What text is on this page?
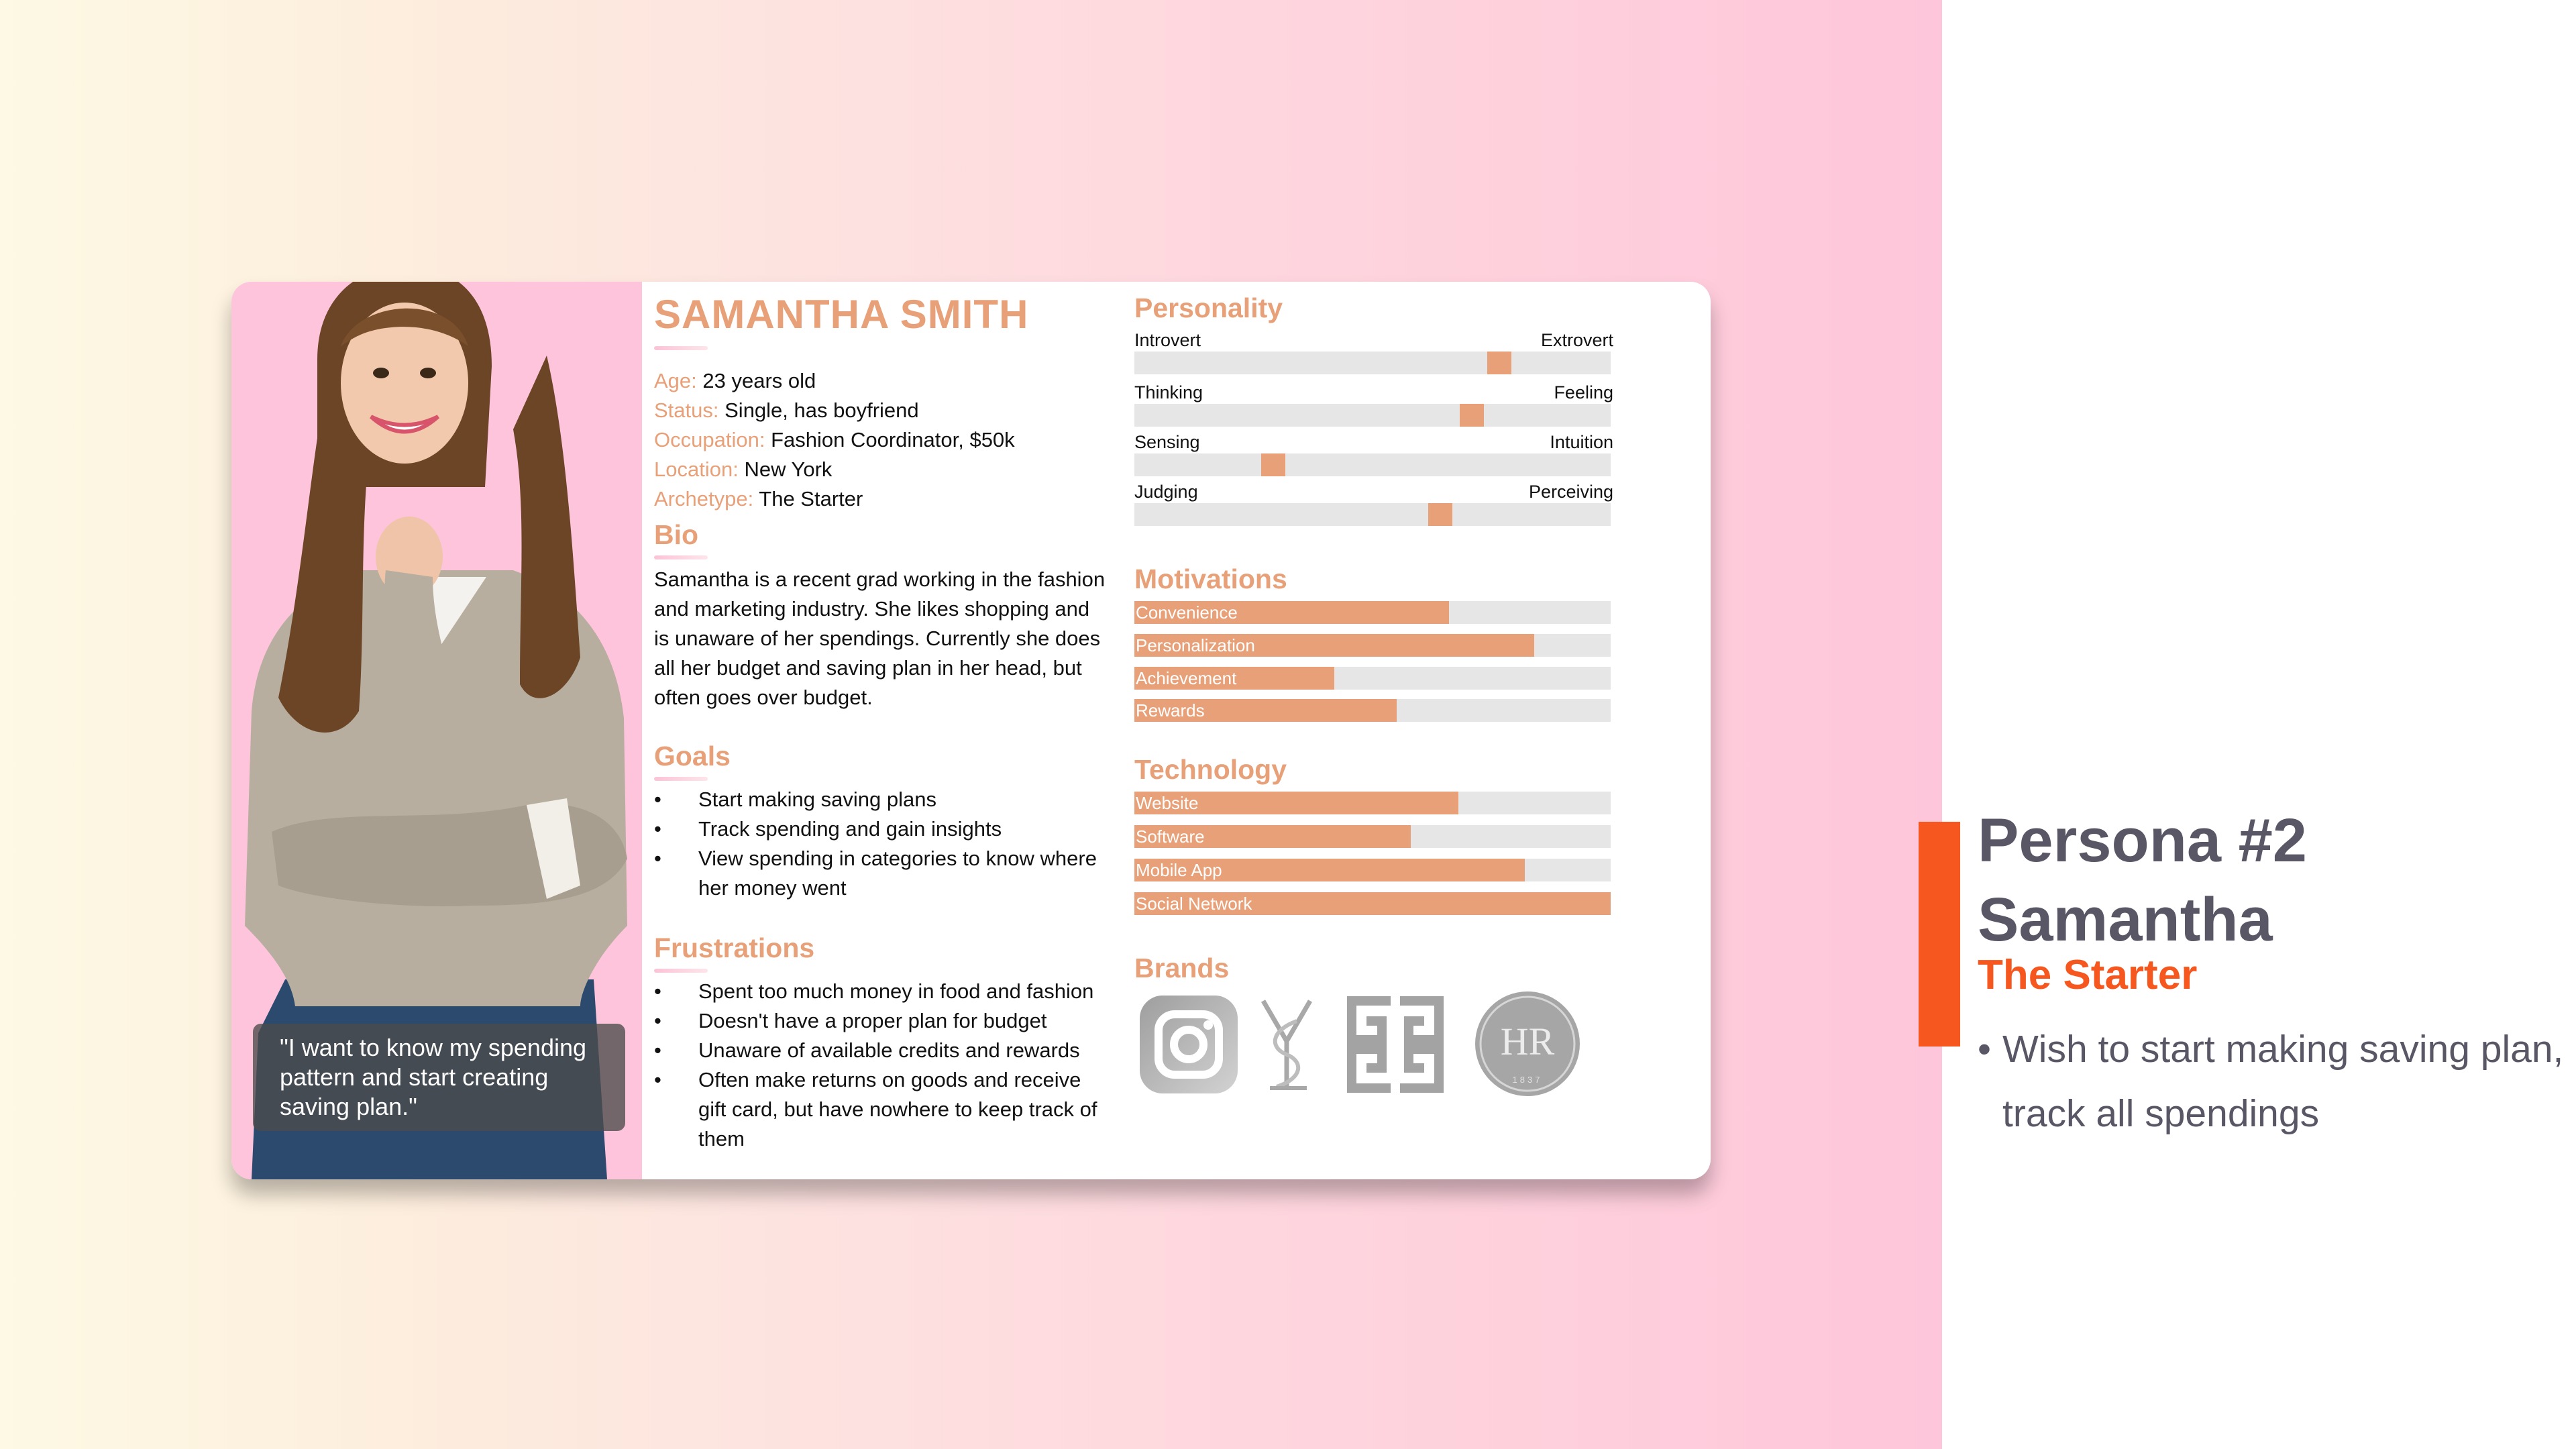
"I want to know my spending pattern and start creating saving plan."
SAMANTHA SMITH
Age: 23 years old
Status: Single, has boyfriend
Occupation: Fashion Coordinator, $50k
Location: New York
Archetype: The Starter
Bio
Samantha is a recent grad working in the fashion and marketing industry. She likes shopping and is unaware of her spendings. Currently she does all her budget and saving plan in her head, but often goes over budget.
Goals
• Start making saving plans
• Track spending and gain insights
• View spending in categories to know where her money went
Frustrations
• Spent too much money in food and fashion
• Doesn't have a proper plan for budget
• Unaware of available credits and rewards
• Often make returns on goods and receive gift card, but have nowhere to keep track of them
Personality
Introvert	Extrovert
Thinking	Feeling
Sensing	Intuition
Judging	Perceiving
Motivations
Convenience
Personalization
Achievement
Rewards
Technology
Website
Software
Mobile App
Social Network
Brands
HR
1837
Persona #2
Samantha
The Starter
• Wish to start making saving plan, track all spendings
